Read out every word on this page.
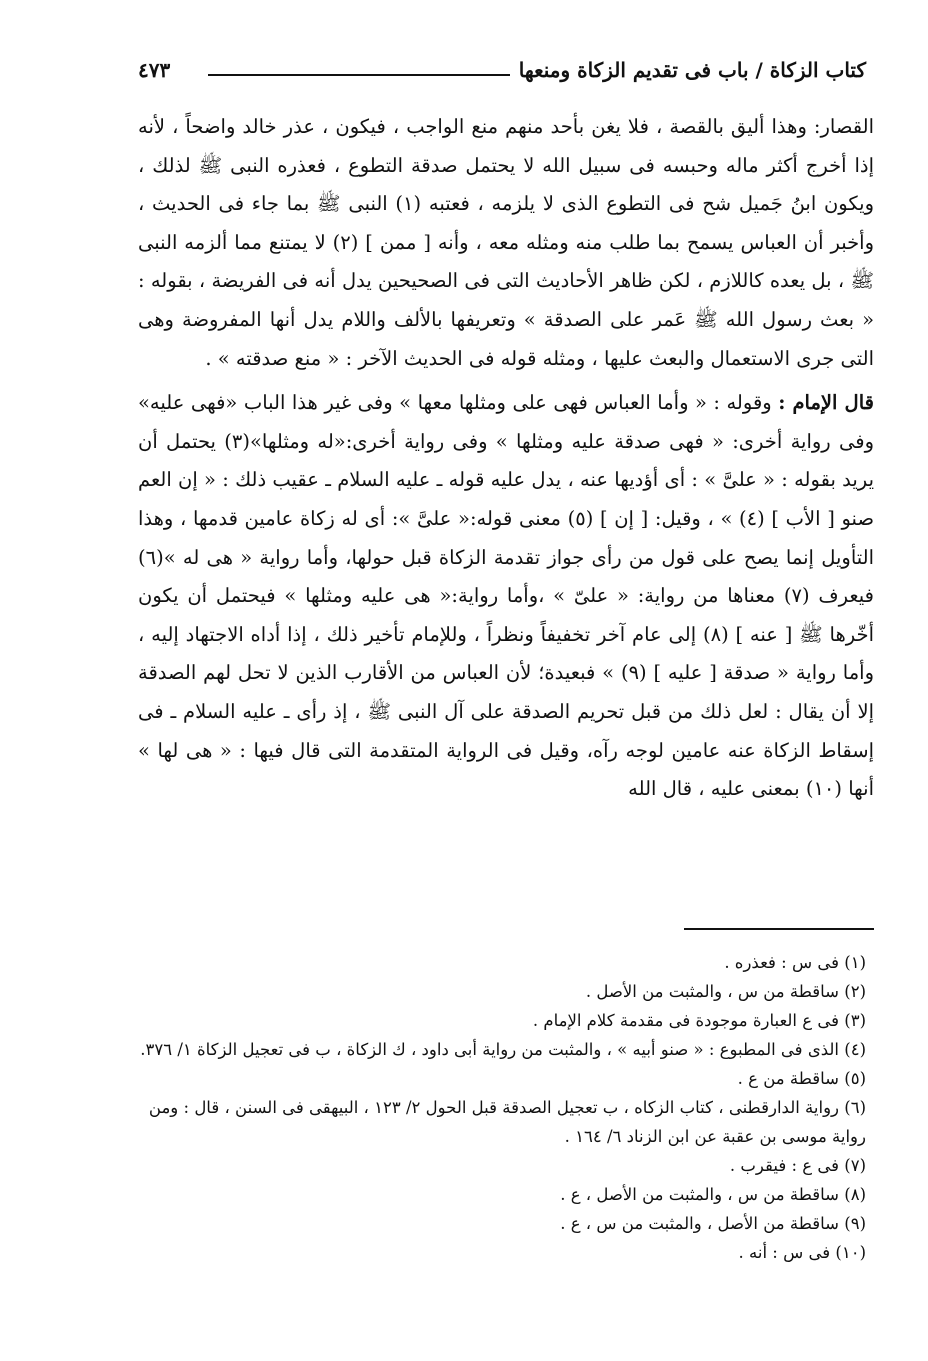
كتاب الزكاة / باب فى تقديم الزكاة ومنعها
٤٧٣

القصار: وهذا أليق بالقصة ، فلا يغن بأحد منهم منع الواجب ، فيكون ، عذر خالد واضحاً ، لأنه إذا أخرج أكثر ماله وحبسه فى سبيل الله لا يحتمل صدقة التطوع ، فعذره النبى ﷺ لذلك ، ويكون ابنُ جَميل شح فى التطوع الذى لا يلزمه ، فعتبه (١) النبى ﷺ بما جاء فى الحديث ، وأخبر أن العباس يسمح بما طلب منه ومثله معه ، وأنه [ ممن ] (٢) لا يمتنع مما ألزمه النبى ﷺ ، بل يعده كاللازم ، لكن ظاهر الأحاديث التى فى الصحيحين يدل أنه فى الفريضة ، بقوله : « بعث رسول الله ﷺ عَمر على الصدقة » وتعريفها بالألف واللام يدل أنها المفروضة وهى التى جرى الاستعمال والبعث عليها ، ومثله قوله فى الحديث الآخر : « منع صدقته » .

قال الإمام : وقوله : « وأما العباس فهى على ومثلها معها » وفى غير هذا الباب «فهى عليه» وفى رواية أخرى: « فهى صدقة عليه ومثلها » وفى رواية أخرى:«له ومثلها»(٣) يحتمل أن يريد بقوله : « علىَّ » : أى أؤديها عنه ، يدل عليه قوله ـ عليه السلام ـ عقيب ذلك : « إن العم صنو [ الأب ] (٤) » ، وقيل: [ إن ] (٥) معنى قوله:« علىَّ »: أى له زكاة عامين قدمها ، وهذا التأويل إنما يصح على قول من رأى جواز تقدمة الزكاة قبل حولها، وأما رواية « هى له »(٦) فيعرف (٧) معناها من رواية: « علىّ » ،وأما رواية:« هى عليه ومثلها » فيحتمل أن يكون أخّرها ﷺ [ عنه ] (٨) إلى عام آخر تخفيفاً ونظراً ، وللإمام تأخير ذلك ، إذا أداه الاجتهاد إليه ، وأما رواية « صدقة [ عليه ] (٩) » فبعيدة؛ لأن العباس من الأقارب الذين لا تحل لهم الصدقة إلا أن يقال : لعل ذلك من قبل تحريم الصدقة على آل النبى ﷺ ، إذ رأى ـ عليه السلام ـ فى إسقاط الزكاة عنه عامين لوجه رآه، وقيل فى الرواية المتقدمة التى قال فيها : « هى لها » أنها (١٠) بمعنى عليه ، قال الله

(١) فى س : فعذره .
(٢) ساقطة من س ، والمثبت من الأصل .
(٣) فى ع العبارة موجودة فى مقدمة كلام الإمام .
(٤) الذى فى المطبوع : « صنو أبيه » ، والمثبت من رواية أبى داود ، ك الزكاة ، ب فى تعجيل الزكاة ١/ ٣٧٦.
(٥) ساقطة من ع .
(٦) رواية الدارقطنى ، كتاب الزكاه ، ب تعجيل الصدقة قبل الحول ٢/ ١٢٣ ، البيهقى فى السنن ، قال : ومن رواية موسى بن عقبة عن ابن الزناد ٦/ ١٦٤ .
(٧) فى ع : فيقرب .
(٨) ساقطة من س ، والمثبت من الأصل ، ع .
(٩) ساقطة من الأصل ، والمثبت من س ، ع .
(١٠) فى س : أنه .
